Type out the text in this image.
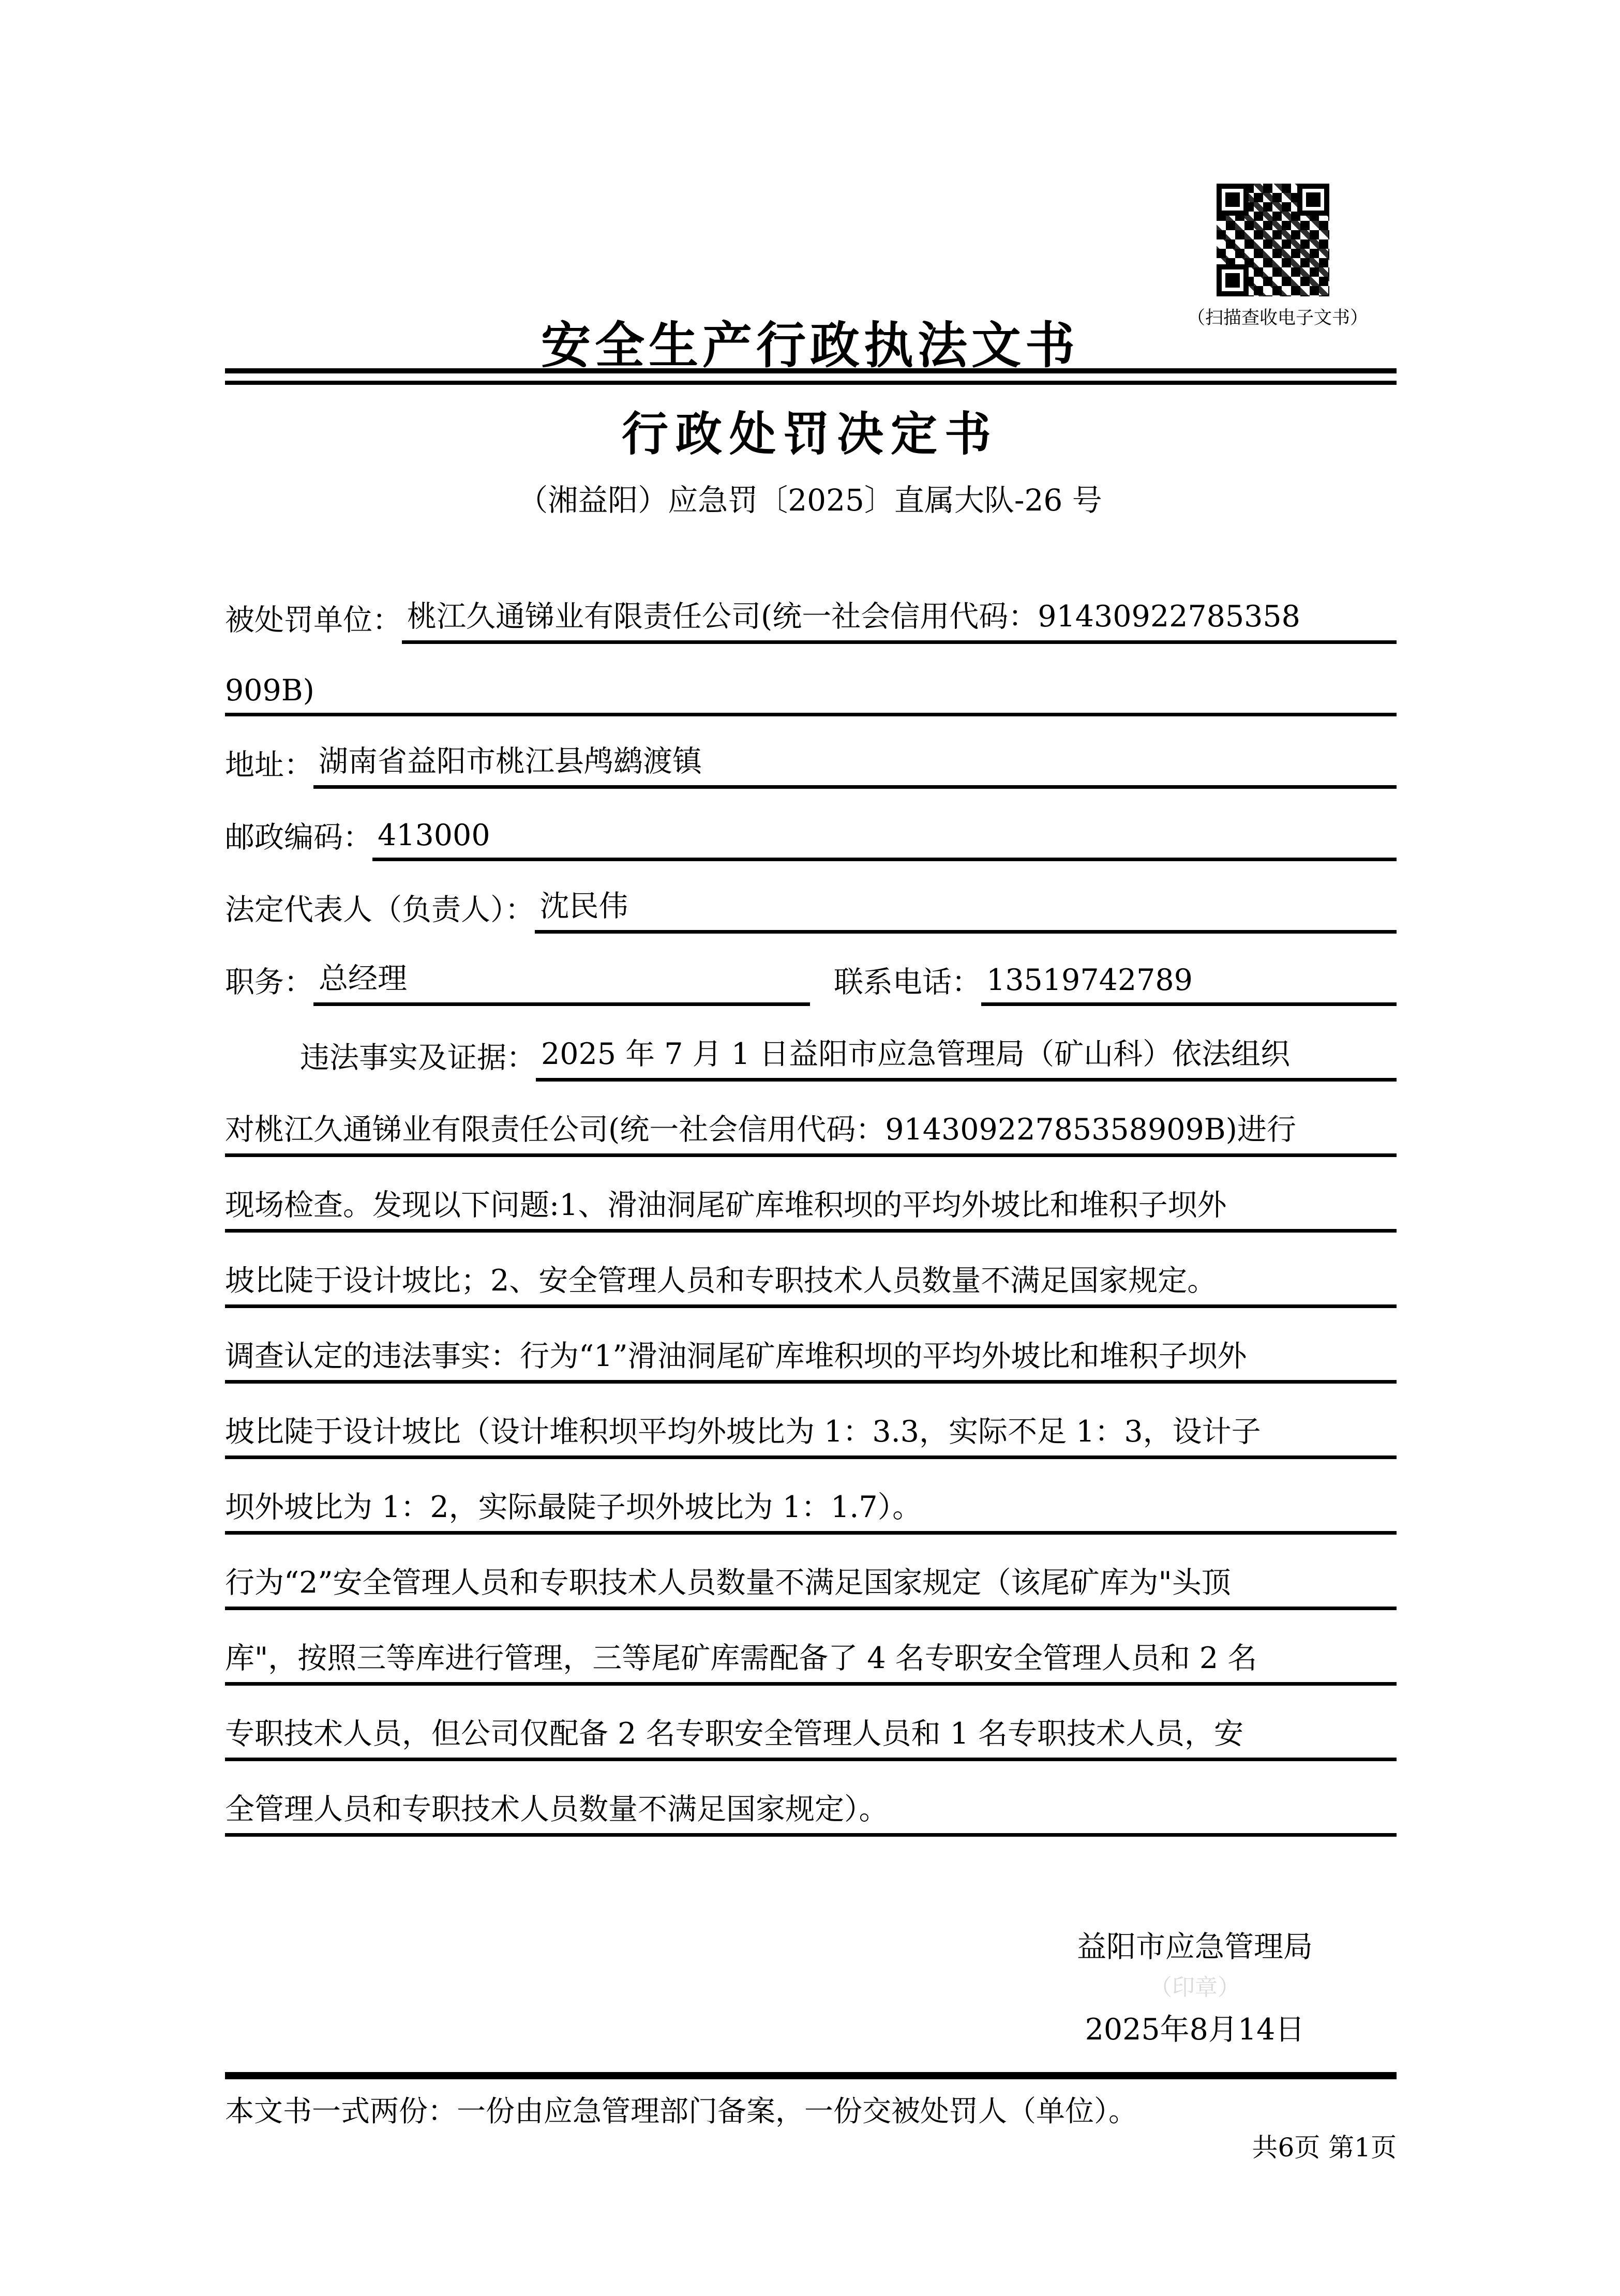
（扫描查收电子文书）
安全生产行政执法文书
行政处罚决定书
（湘益阳）应急罚〔2025〕直属大队-26 号
被处罚单位： 桃江久通锑业有限责任公司(统一社会信用代码：91430922785358
909B)
地址： 湖南省益阳市桃江县鸬鹚渡镇
邮政编码： 413000
法定代表人（负责人）： 沈民伟
职务： 总经理	联系电话： 13519742789
违法事实及证据： 2025 年 7 月 1 日益阳市应急管理局（矿山科）依法组织
对桃江久通锑业有限责任公司(统一社会信用代码：91430922785358909B)进行
现场检查。发现以下问题:1、滑油洞尾矿库堆积坝的平均外坡比和堆积子坝外
坡比陡于设计坡比；2、安全管理人员和专职技术人员数量不满足国家规定。
调查认定的违法事实：行为“1”滑油洞尾矿库堆积坝的平均外坡比和堆积子坝外
坡比陡于设计坡比（设计堆积坝平均外坡比为 1：3.3，实际不足 1：3，设计子
坝外坡比为 1：2，实际最陡子坝外坡比为 1：1.7）。
行为“2”安全管理人员和专职技术人员数量不满足国家规定（该尾矿库为"头顶
库"，按照三等库进行管理，三等尾矿库需配备了 4 名专职安全管理人员和 2 名
专职技术人员，但公司仅配备 2 名专职安全管理人员和 1 名专职技术人员，安
全管理人员和专职技术人员数量不满足国家规定）。
益阳市应急管理局
（印章）
2025年8月14日
本文书一式两份：一份由应急管理部门备案，一份交被处罚人（单位）。
共6页 第1页
